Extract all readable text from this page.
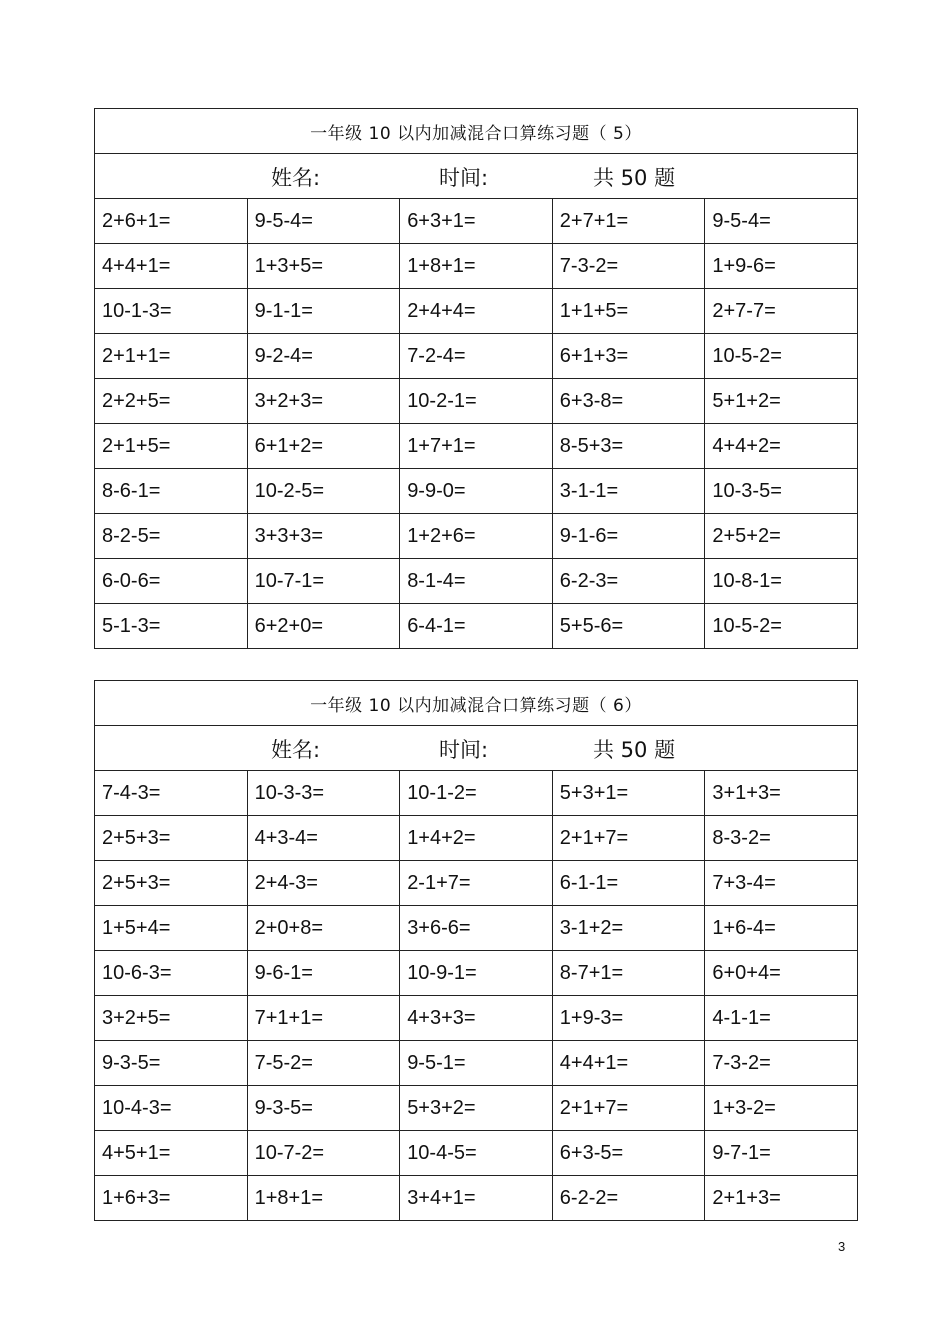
一年级 10 以内加减混合口算练习题（ 5）				

姓名: 时间: 共 50 题				

2+6+1=	9-5-4=	6+3+1=	2+7+1=	9-5-4=
4+4+1=	1+3+5=	1+8+1=	7-3-2=	1+9-6=
10-1-3=	9-1-1=	2+4+4=	1+1+5=	2+7-7=
2+1+1=	9-2-4=	7-2-4=	6+1+3=	10-5-2=
2+2+5=	3+2+3=	10-2-1=	6+3-8=	5+1+2=
2+1+5=	6+1+2=	1+7+1=	8-5+3=	4+4+2=
8-6-1=	10-2-5=	9-9-0=	3-1-1=	10-3-5=
8-2-5=	3+3+3=	1+2+6=	9-1-6=	2+5+2=
6-0-6=	10-7-1=	8-1-4=	6-2-3=	10-8-1=
5-1-3=	6+2+0=	6-4-1=	5+5-6=	10-5-2=
一年级 10 以内加减混合口算练习题（ 6）				

姓名: 时间: 共 50 题				

7-4-3=	10-3-3=	10-1-2=	5+3+1=	3+1+3=
2+5+3=	4+3-4=	1+4+2=	2+1+7=	8-3-2=
2+5+3=	2+4-3=	2-1+7=	6-1-1=	7+3-4=
1+5+4=	2+0+8=	3+6-6=	3-1+2=	1+6-4=
10-6-3=	9-6-1=	10-9-1=	8-7+1=	6+0+4=
3+2+5=	7+1+1=	4+3+3=	1+9-3=	4-1-1=
9-3-5=	7-5-2=	9-5-1=	4+4+1=	7-3-2=
10-4-3=	9-3-5=	5+3+2=	2+1+7=	1+3-2=
4+5+1=	10-7-2=	10-4-5=	6+3-5=	9-7-1=
1+6+3=	1+8+1=	3+4+1=	6-2-2=	2+1+3=
3
